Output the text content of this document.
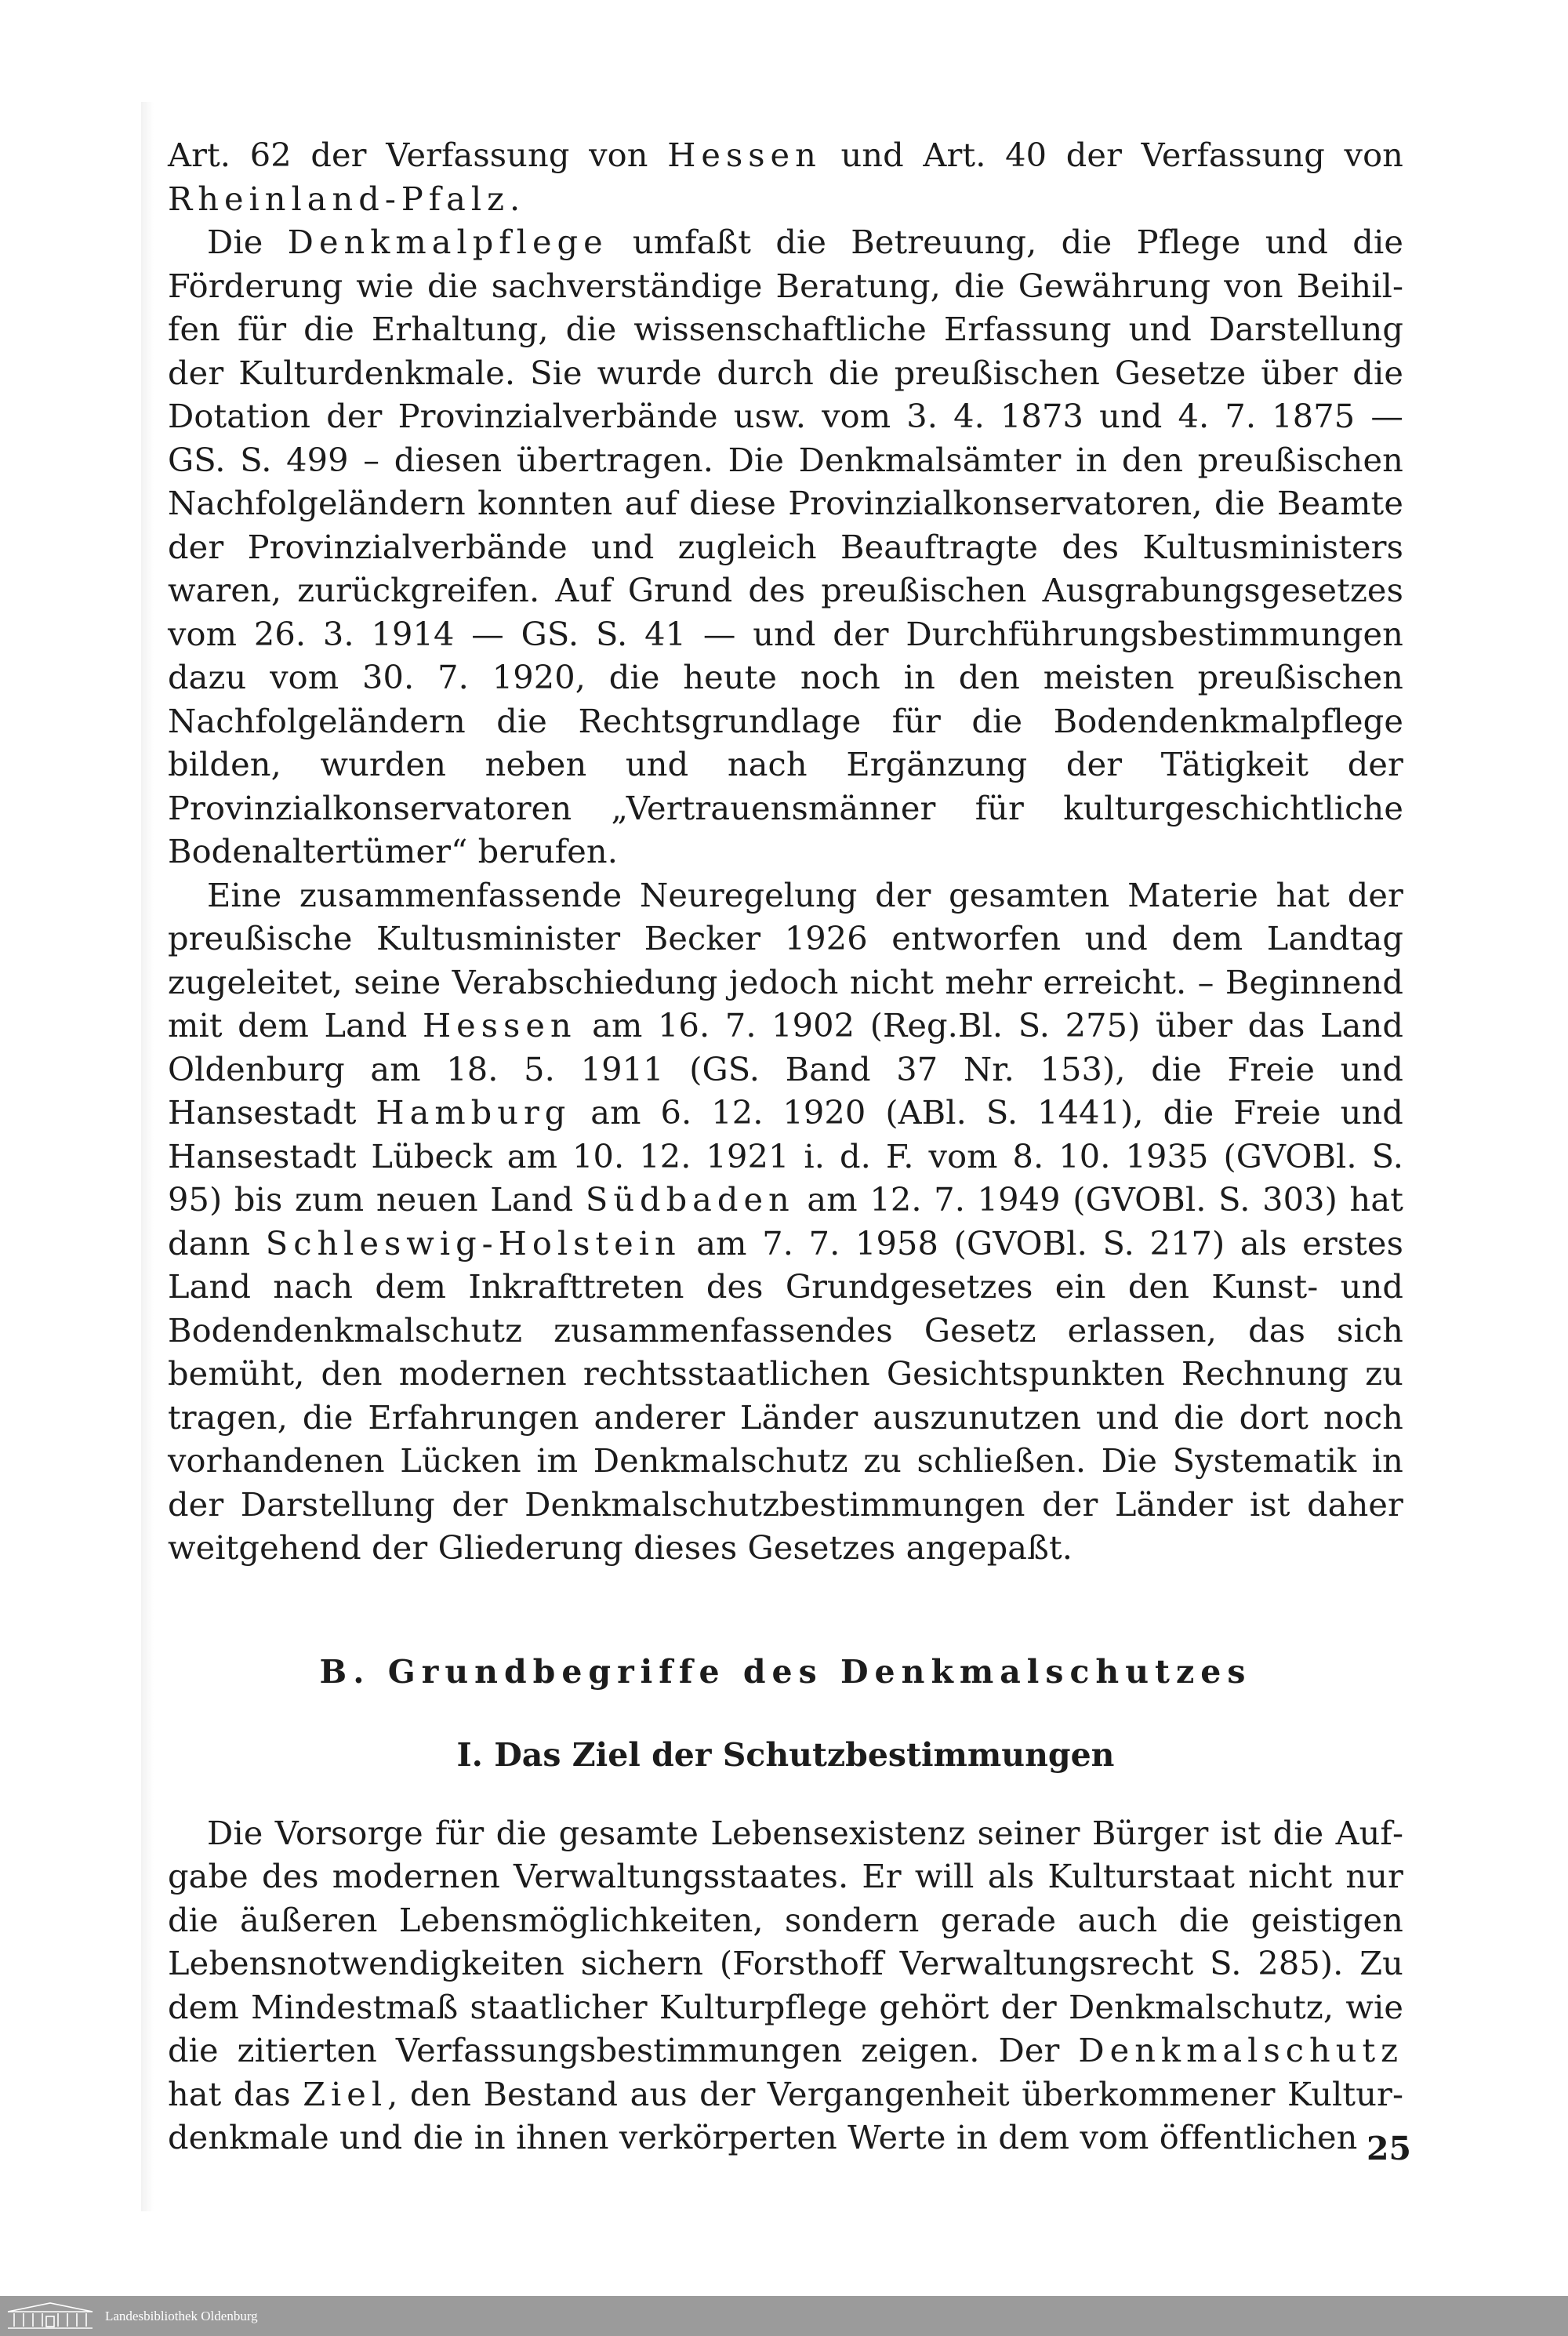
Art. 62 der Verfassung von Hessen und Art. 40 der Verfassung von Rheinland-Pfalz.

Die Denkmalpflege umfaßt die Betreuung, die Pflege und die Förderung wie die sachverständige Beratung, die Gewährung von Beihilfen für die Erhaltung, die wissenschaftliche Erfassung und Darstellung der Kulturdenkmale. Sie wurde durch die preußischen Gesetze über die Dotation der Provinzialverbände usw. vom 3. 4. 1873 und 4. 7. 1875 — GS. S. 499 – diesen übertragen. Die Denkmalsämter in den preußischen Nachfolgeländern konnten auf diese Provinzialkonservatoren, die Beamte der Provinzialverbände und zugleich Beauftragte des Kultusministers waren, zurückgreifen. Auf Grund des preußischen Ausgrabungsgesetzes vom 26. 3. 1914 — GS. S. 41 — und der Durchführungsbestimmungen dazu vom 30. 7. 1920, die heute noch in den meisten preußischen Nachfolgeländern die Rechtsgrundlage für die Bodendenkmalpflege bilden, wurden neben und nach Ergänzung der Tätigkeit der Provinzialkonservatoren „Vertrauensmänner für kulturgeschichtliche Bodenaltertümer“ berufen.

Eine zusammenfassende Neuregelung der gesamten Materie hat der preußische Kultusminister Becker 1926 entworfen und dem Landtag zugeleitet, seine Verabschiedung jedoch nicht mehr erreicht. – Beginnend mit dem Land Hessen am 16. 7. 1902 (Reg.Bl. S. 275) über das Land Oldenburg am 18. 5. 1911 (GS. Band 37 Nr. 153), die Freie und Hansestadt Hamburg am 6. 12. 1920 (ABl. S. 1441), die Freie und Hansestadt Lübeck am 10. 12. 1921 i. d. F. vom 8. 10. 1935 (GVOBl. S. 95) bis zum neuen Land Südbaden am 12. 7. 1949 (GVOBl. S. 303) hat dann Schleswig-Holstein am 7. 7. 1958 (GVOBl. S. 217) als erstes Land nach dem Inkrafttreten des Grundgesetzes ein den Kunst- und Bodendenkmalschutz zusammenfassendes Gesetz erlassen, das sich bemüht, den modernen rechtsstaatlichen Gesichtspunkten Rechnung zu tragen, die Erfahrungen anderer Länder auszunutzen und die dort noch vorhandenen Lücken im Denkmalschutz zu schließen. Die Systematik in der Darstellung der Denkmalschutzbestimmungen der Länder ist daher weitgehend der Gliederung dieses Gesetzes angepaßt.

B. Grundbegriffe des Denkmalschutzes
I. Das Ziel der Schutzbestimmungen

Die Vorsorge für die gesamte Lebensexistenz seiner Bürger ist die Aufgabe des modernen Verwaltungsstaates. Er will als Kulturstaat nicht nur die äußeren Lebensmöglichkeiten, sondern gerade auch die geistigen Lebensnotwendigkeiten sichern (Forsthoff Verwaltungsrecht S. 285). Zu dem Mindestmaß staatlicher Kulturpflege gehört der Denkmalschutz, wie die zitierten Verfassungsbestimmungen zeigen. Der Denkmalschutz hat das Ziel, den Bestand aus der Vergangenheit überkommener Kulturdenkmale und die in ihnen verkörperten Werte in dem vom öffentlichen 25
Landesbibliothek Oldenburg
